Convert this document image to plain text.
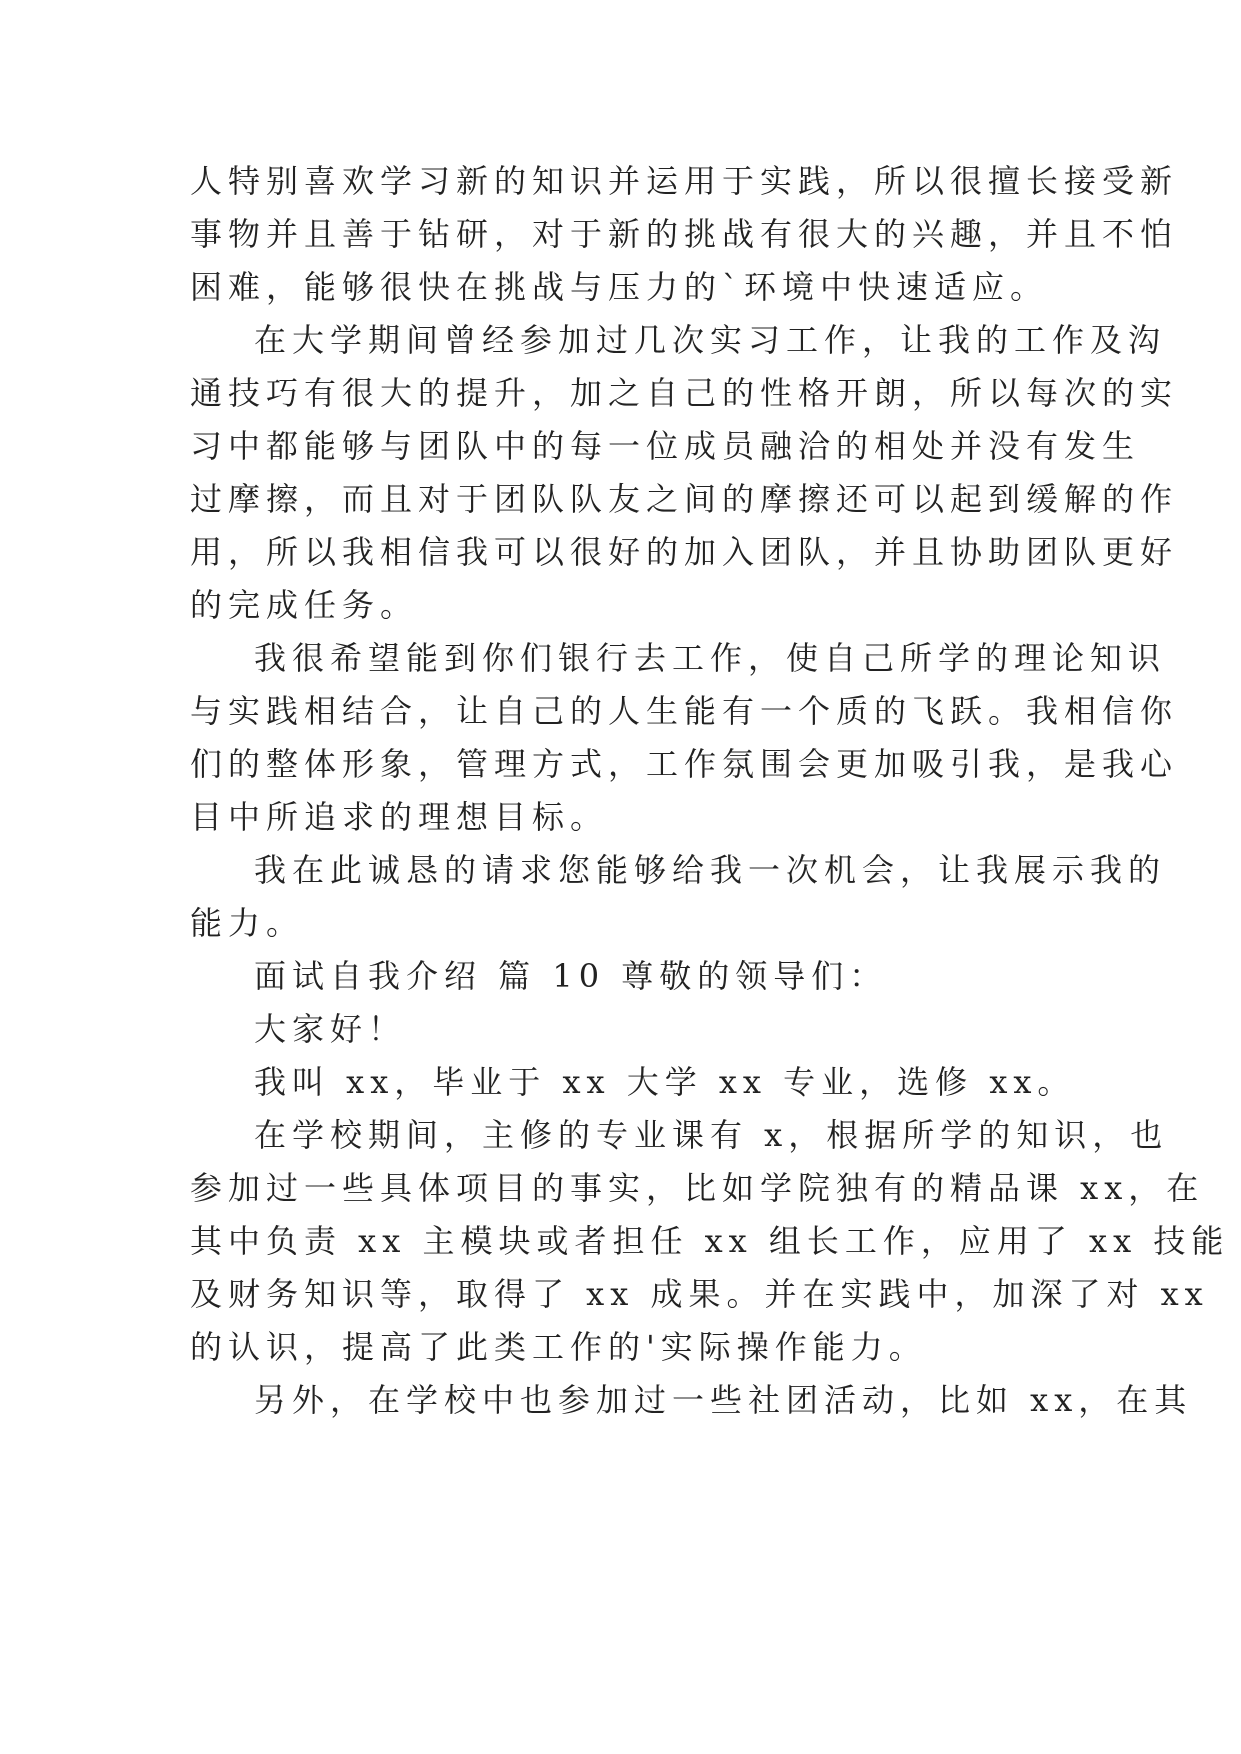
人特别喜欢学习新的知识并运用于实践，所以很擅长接受新
事物并且善于钻研，对于新的挑战有很大的兴趣，并且不怕
困难，能够很快在挑战与压力的`环境中快速适应。
在大学期间曾经参加过几次实习工作，让我的工作及沟
通技巧有很大的提升，加之自己的性格开朗，所以每次的实
习中都能够与团队中的每一位成员融洽的相处并没有发生
过摩擦，而且对于团队队友之间的摩擦还可以起到缓解的作
用，所以我相信我可以很好的加入团队，并且协助团队更好
的完成任务。
我很希望能到你们银行去工作，使自己所学的理论知识
与实践相结合，让自己的人生能有一个质的飞跃。我相信你
们的整体形象，管理方式，工作氛围会更加吸引我，是我心
目中所追求的理想目标。
我在此诚恳的请求您能够给我一次机会，让我展示我的
能力。
面试自我介绍 篇 10 尊敬的领导们：
大家好！
我叫 xx，毕业于 xx 大学 xx 专业，选修 xx。
在学校期间，主修的专业课有 x，根据所学的知识，也
参加过一些具体项目的事实，比如学院独有的精品课 xx，在
其中负责 xx 主模块或者担任 xx 组长工作，应用了 xx 技能
及财务知识等，取得了 xx 成果。并在实践中，加深了对 xx
的认识，提高了此类工作的'实际操作能力。
另外，在学校中也参加过一些社团活动，比如 xx，在其
